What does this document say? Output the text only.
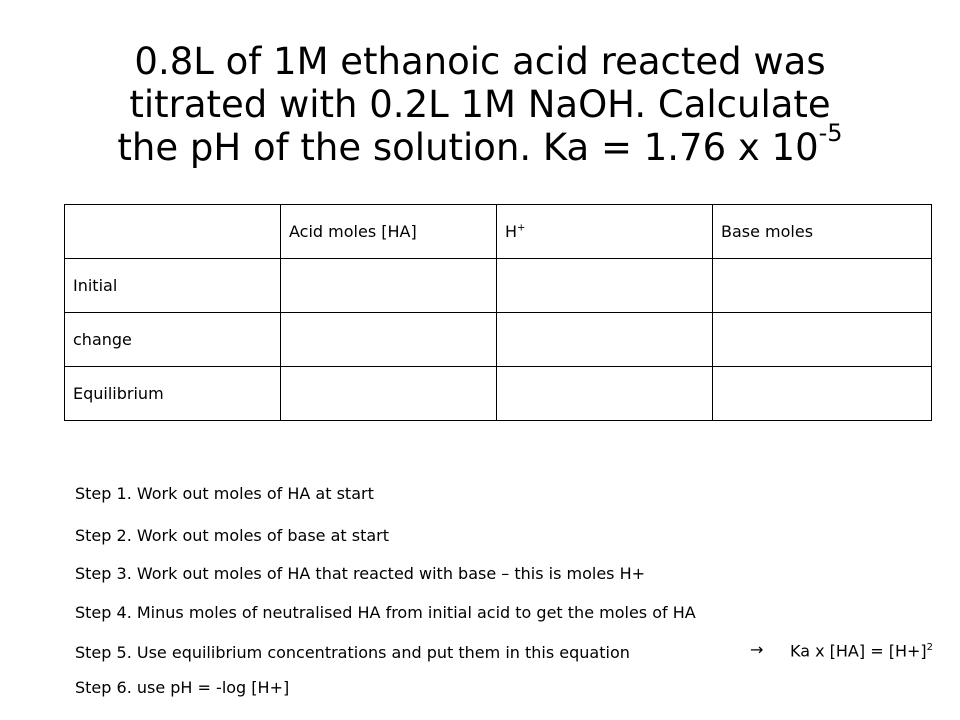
0.8L of 1M ethanoic acid reacted was
titrated with 0.2L 1M NaOH. Calculate
the pH of the solution. Ka = 1.76 x $10^{-5}$
	Acid moles [HA]	H+	Base moles
Initial			
change			
Equilibrium			
Step 1. Work out moles of HA at start
Step 2. Work out moles of base at start
Step 3. Work out moles of HA that reacted with base – this is moles H+
Step 4. Minus moles of neutralised HA from initial acid to get the moles of HA
Step 5. Use equilibrium concentrations and put them in this equation
Step 6. use pH = -log [H+]
→ Ka x $[HA] = [H+]^2$
